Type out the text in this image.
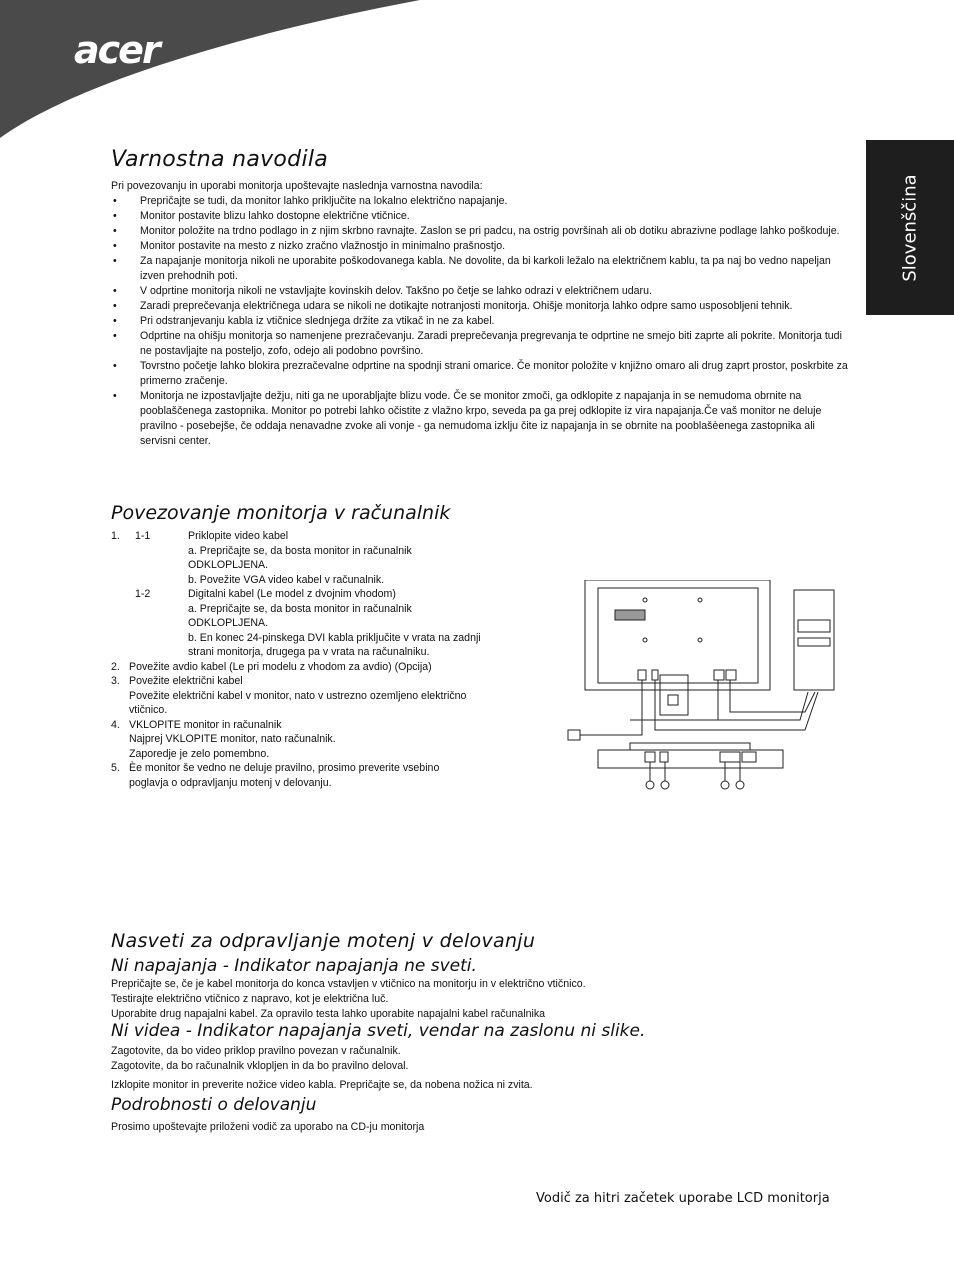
acer
Slovenščina
Varnostna navodila
Pri povezovanju in uporabi monitorja upoštevajte naslednja varnostna navodila:
• Prepričajte se tudi, da monitor lahko priključite na lokalno električno napajanje.
• Monitor postavite blizu lahko dostopne električne vtičnice.
• Monitor položite na trdno podlago in z njim skrbno ravnajte. Zaslon se pri padcu, na ostrig površinah ali ob dotiku abrazivne podlage lahko poškoduje.
• Monitor postavite na mesto z nizko zračno vlažnostjo in minimalno prašnostjo.
• Za napajanje monitorja nikoli ne uporabite poškodovanega kabla. Ne dovolite, da bi karkoli ležalo na električnem kablu, ta pa naj bo vedno napeljan izven prehodnih poti.
• V odprtine monitorja nikoli ne vstavljajte kovinskih delov. Takšno po četje se lahko odrazi v električnem udaru.
• Zaradi preprečevanja električnega udara se nikoli ne dotikajte notranjosti monitorja. Ohišje monitorja lahko odpre samo usposobljeni tehnik.
• Pri odstranjevanju kabla iz vtičnice slednjega držite za vtikač in ne za kabel.
• Odprtine na ohišju monitorja so namenjene prezračevanju. Zaradi preprečevanja pregrevanja te odprtine ne smejo biti zaprte ali pokrite. Monitorja tudi ne postavljajte na posteljo, zofo, odejo ali podobno površino.
• Tovrstno početje lahko blokira prezračevalne odprtine na spodnji strani omarice. Če monitor položite v knjižno omaro ali drug zaprt prostor, poskrbite za primerno zračenje.
• Monitorja ne izpostavljajte dežju, niti ga ne uporabljajte blizu vode. Če se monitor zmoči, ga odklopite z napajanja in se nemudoma obrnite na pooblaščenega zastopnika. Monitor po potrebi lahko očistite z vlažno krpo, seveda pa ga prej odklopite iz vira napajanja.Če vaš monitor ne deluje pravilno - posebejše, če oddaja nenavadne zvoke ali vonje - ga nemudoma izklju čite iz napajanja in se obrnite na pooblašèenega zastopnika ali servisni center.
Povezovanje monitorja v računalnik
1. 1-1	Priklopite video kabel
a. Prepričajte se, da bosta monitor in računalnik
ODKLOPLJENA.
b. Povežite VGA video kabel v računalnik.
1-2	Digitalni kabel (Le model z dvojnim vhodom)
a. Prepričajte se, da bosta monitor in računalnik
ODKLOPLJENA.
b. En konec 24-pinskega DVI kabla priključite v vrata na zadnji
strani monitorja, drugega pa v vrata na računalniku.
2. Povežite avdio kabel (Le pri modelu z vhodom za avdio) (Opcija)
3. Povežite električni kabel
Povežite električni kabel v monitor, nato v ustrezno ozemljeno električno
vtičnico.
4. VKLOPITE monitor in računalnik
Najprej VKLOPITE monitor, nato računalnik.
Zaporedje je zelo pomembno.
5. Èe monitor še vedno ne deluje pravilno, prosimo preverite vsebino
poglavja o odpravljanju motenj v delovanju.
Nasveti za odpravljanje motenj v delovanju
Ni napajanja - Indikator napajanja ne sveti.
Prepričajte se, če je kabel monitorja do konca vstavljen v vtičnico na monitorju in v električno vtičnico.
Testirajte električno vtičnico z napravo, kot je električna luč.
Uporabite drug napajalni kabel. Za opravilo testa lahko uporabite napajalni kabel računalnika
Ni videa - Indikator napajanja sveti, vendar na zaslonu ni slike.
Zagotovite, da bo video priklop pravilno povezan v računalnik.
Zagotovite, da bo računalnik vklopljen in da bo pravilno deloval.
Izklopite monitor in preverite nožice video kabla. Prepričajte se, da nobena nožica ni zvita.
Podrobnosti o delovanju
Prosimo upoštevajte priloženi vodič za uporabo na CD-ju monitorja
Vodič za hitri začetek uporabe LCD monitorja
